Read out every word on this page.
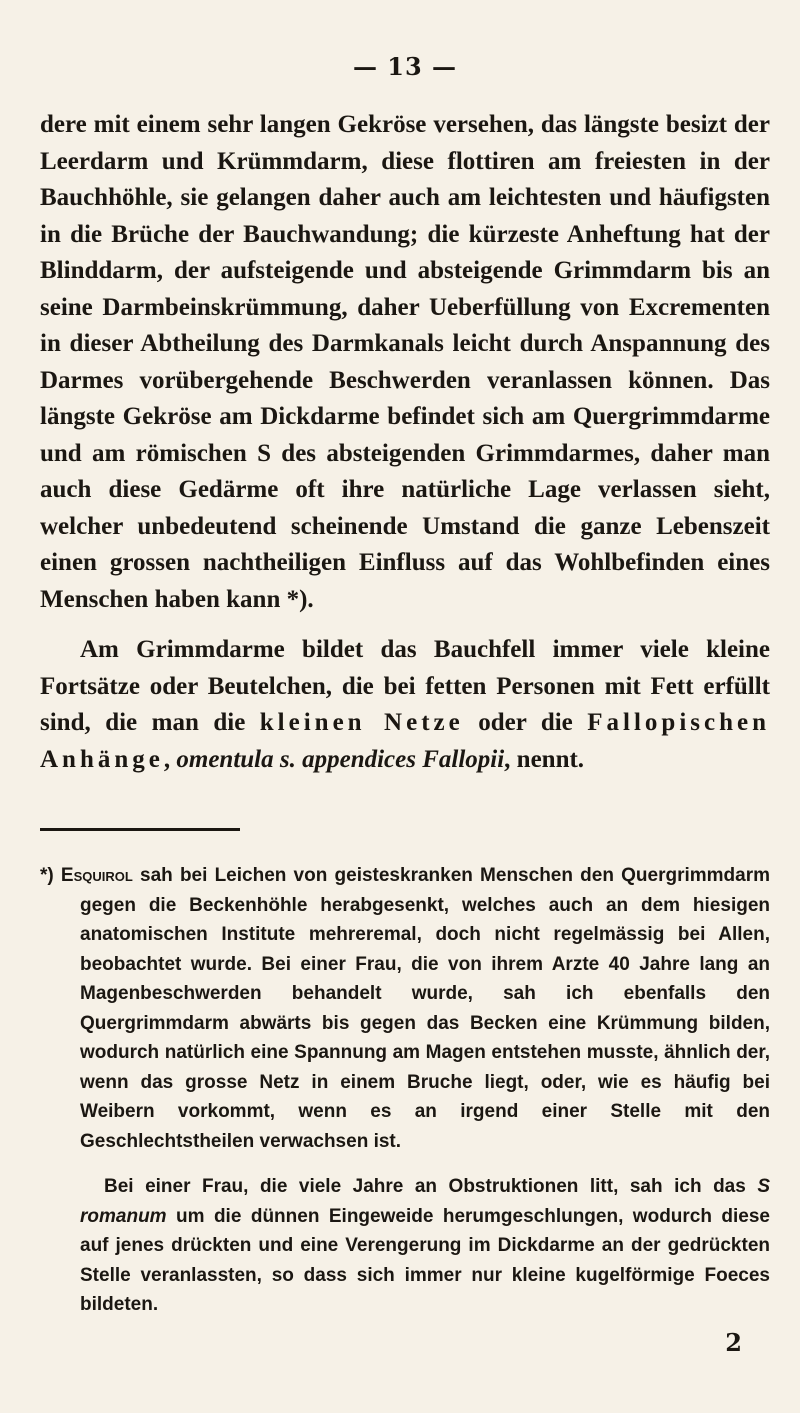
— 13 —

dere mit einem sehr langen Gekröse versehen, das längste besizt der Leerdarm und Krümmdarm, diese flottiren am freiesten in der Bauchhöhle, sie gelangen daher auch am leichtesten und häufigsten in die Brüche der Bauchwandung; die kürzeste Anheftung hat der Blinddarm, der aufsteigende und absteigende Grimmdarm bis an seine Darmbeinskrümmung, daher Ueberfüllung von Excrementen in dieser Abtheilung des Darmkanals leicht durch Anspannung des Darmes vorübergehende Beschwerden veranlassen können. Das längste Gekröse am Dickdarme befindet sich am Quergrimmdarme und am römischen S des absteigenden Grimmdarmes, daher man auch diese Gedärme oft ihre natürliche Lage verlassen sieht, welcher unbedeutend scheinende Umstand die ganze Lebenszeit einen grossen nachtheiligen Einfluss auf das Wohlbefinden eines Menschen haben kann *).

Am Grimmdarme bildet das Bauchfell immer viele kleine Fortsätze oder Beutelchen, die bei fetten Personen mit Fett erfüllt sind, die man die kleinen Netze oder die Fallopischen Anhänge, omentula s. appendices Fallopii, nennt.

*) Esquirol sah bei Leichen von geisteskranken Menschen den Quergrimmdarm gegen die Beckenhöhle herabgesenkt, welches auch an dem hiesigen anatomischen Institute mehreremal, doch nicht regelmässig bei Allen, beobachtet wurde. Bei einer Frau, die von ihrem Arzte 40 Jahre lang an Magenbeschwerden behandelt wurde, sah ich ebenfalls den Quergrimmdarm abwärts bis gegen das Becken eine Krümmung bilden, wodurch natürlich eine Spannung am Magen entstehen musste, ähnlich der, wenn das grosse Netz in einem Bruche liegt, oder, wie es häufig bei Weibern vorkommt, wenn es an irgend einer Stelle mit den Geschlechtstheilen verwachsen ist.

Bei einer Frau, die viele Jahre an Obstruktionen litt, sah ich das S romanum um die dünnen Eingeweide herumgeschlungen, wodurch diese auf jenes drückten und eine Verengerung im Dickdarme an der gedrückten Stelle veranlassten, so dass sich immer nur kleine kugelförmige Foeces bildeten.

2
